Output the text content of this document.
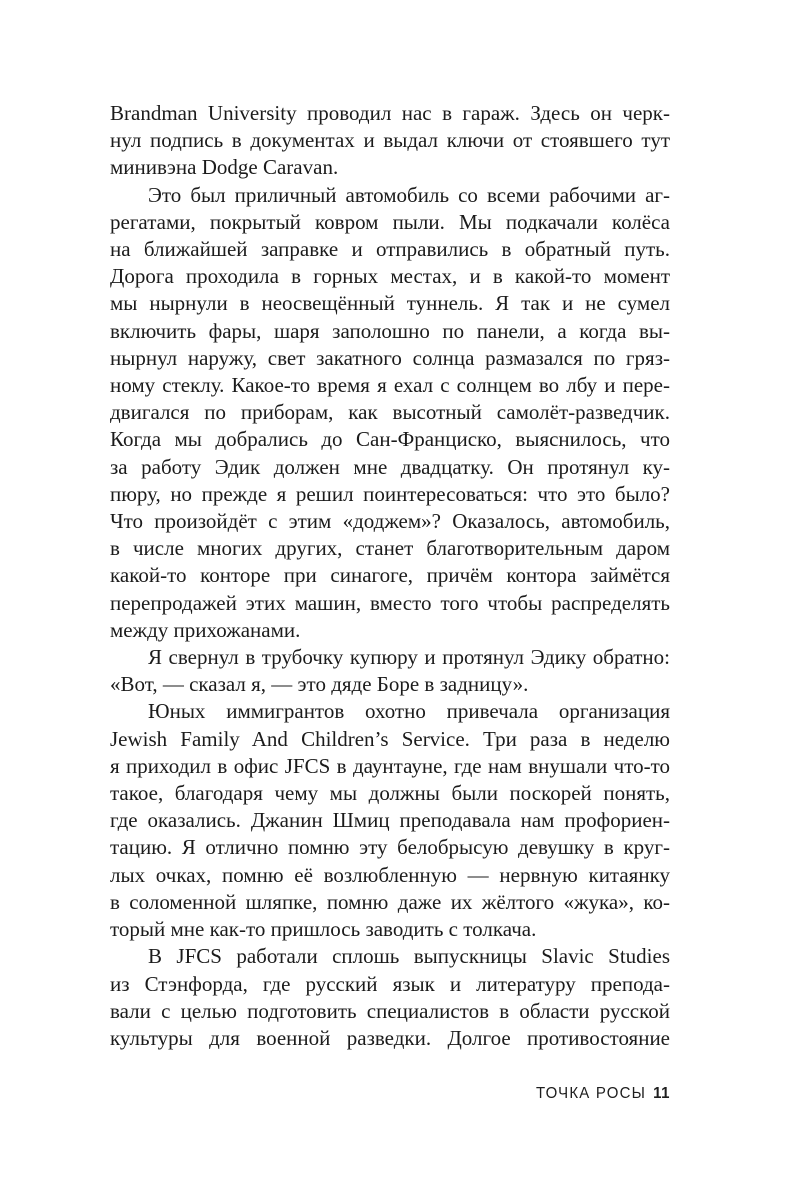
Brandman University проводил нас в гараж. Здесь он черк-
нул подпись в документах и выдал ключи от стоявшего тут
минивэна Dodge Caravan.
Это был приличный автомобиль со всеми рабочими аг-
регатами, покрытый ковром пыли. Мы подкачали колёса
на ближайшей заправке и отправились в обратный путь.
Дорога проходила в горных местах, и в какой-то момент
мы нырнули в неосвещённый туннель. Я так и не сумел
включить фары, шаря заполошно по панели, а когда вы-
нырнул наружу, свет закатного солнца размазался по гряз-
ному стеклу. Какое-то время я ехал с солнцем во лбу и пере-
двигался по приборам, как высотный самолёт-разведчик.
Когда мы добрались до Сан-Франциско, выяснилось, что
за работу Эдик должен мне двадцатку. Он протянул ку-
пюру, но прежде я решил поинтересоваться: что это было?
Что произойдёт с этим «доджем»? Оказалось, автомобиль,
в числе многих других, станет благотворительным даром
какой-то конторе при синагоге, причём контора займётся
перепродажей этих машин, вместо того чтобы распределять
между прихожанами.
Я свернул в трубочку купюру и протянул Эдику обратно:
«Вот, — сказал я, — это дяде Боре в задницу».
Юных иммигрантов охотно привечала организация
Jewish Family And Children’s Service. Три раза в неделю
я приходил в офис JFCS в даунтауне, где нам внушали что-то
такое, благодаря чему мы должны были поскорей понять,
где оказались. Джанин Шмиц преподавала нам профориен-
тацию. Я отлично помню эту белобрысую девушку в круг-
лых очках, помню её возлюбленную — нервную китаянку
в соломенной шляпке, помню даже их жёлтого «жука», ко-
торый мне как-то пришлось заводить с толкача.
В JFCS работали сплошь выпускницы Slavic Studies
из Стэнфорда, где русский язык и литературу препода-
вали с целью подготовить специалистов в области русской
культуры для военной разведки. Долгое противостояние
ТОЧКА РОСЫ 11
